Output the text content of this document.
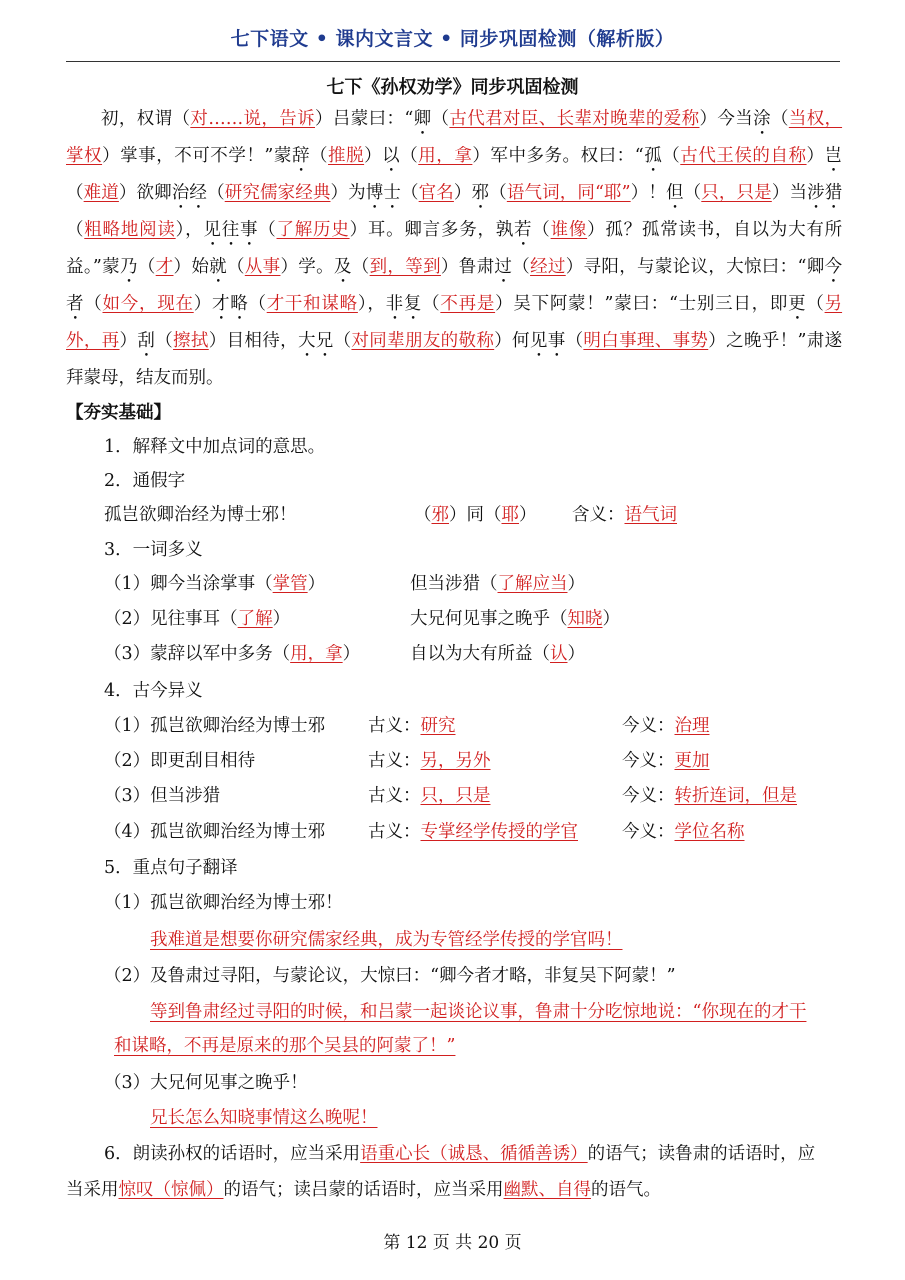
七下语文 • 课内文言文 • 同步巩固检测（解析版）
七下《孙权劝学》同步巩固检测
初，权谓（对……说，告诉）吕蒙曰：“卿（古代君对臣、长辈对晚辈的爱称）今当涂（当权，掌权）掌事，不可不学！”蒙辞（推脱）以（用，拿）军中多务。权曰：“孤（古代王侯的自称）岂（难道）欲卿治经（研究儒家经典）为博士（官名）邪（语气词，同“耶”）！但（只，只是）当涉猎（粗略地阅读），见往事（了解历史）耳。卿言多务，孰若（谁像）孤？孤常读书，自以为大有所益。”蒙乃（才）始就（从事）学。及（到，等到）鲁肃过（经过）寻阳，与蒙论议，大惊曰：“卿今者（如今，现在）才略（才干和谋略），非复（不再是）吴下阿蒙！”蒙曰：“士别三日，即更（另外，再）刮（擦拭）目相待，大兄（对同辈朋友的敬称）何见事（明白事理、事势）之晚乎！”肃遂拜蒙母，结友而别。
【夯实基础】
1．解释文中加点词的意思。
2．通假字
孤岂欲卿治经为博士邪！	（邪）同（耶） 含义：语气词
3．一词多义
（1）卿今当涂掌事（掌管）	但当涉猎（了解应当）
（2）见往事耳（了解）	大兄何见事之晚乎（知晓）
（3）蒙辞以军中多务（用，拿）	自以为大有所益（认）
4．古今异义
（1）孤岂欲卿治经为博士邪 古义：研究	今义：治理
（2）即更刮目相待	古义：另，另外	今义：更加
（3）但当涉猎	古义：只，只是	今义：转折连词，但是
（4）孤岂欲卿治经为博士邪 古义：专掌经学传授的学官	今义：学位名称
5．重点句子翻译
（1）孤岂欲卿治经为博士邪！
我难道是想要你研究儒家经典，成为专管经学传授的学官吗！
（2）及鲁肃过寻阳，与蒙论议，大惊曰：“卿今者才略，非复吴下阿蒙！”
等到鲁肃经过寻阳的时候，和吕蒙一起谈论议事，鲁肃十分吃惊地说：“你现在的才干
和谋略，不再是原来的那个吴县的阿蒙了！”
（3）大兄何见事之晚乎！
兄长怎么知晓事情这么晚呢！
6．朗读孙权的话语时，应当采用语重心长（诚恳、循循善诱）的语气；读鲁肃的话语时，应
当采用惊叹（惊佩）的语气；读吕蒙的话语时，应当采用幽默、自得的语气。
第 12 页 共 20 页
